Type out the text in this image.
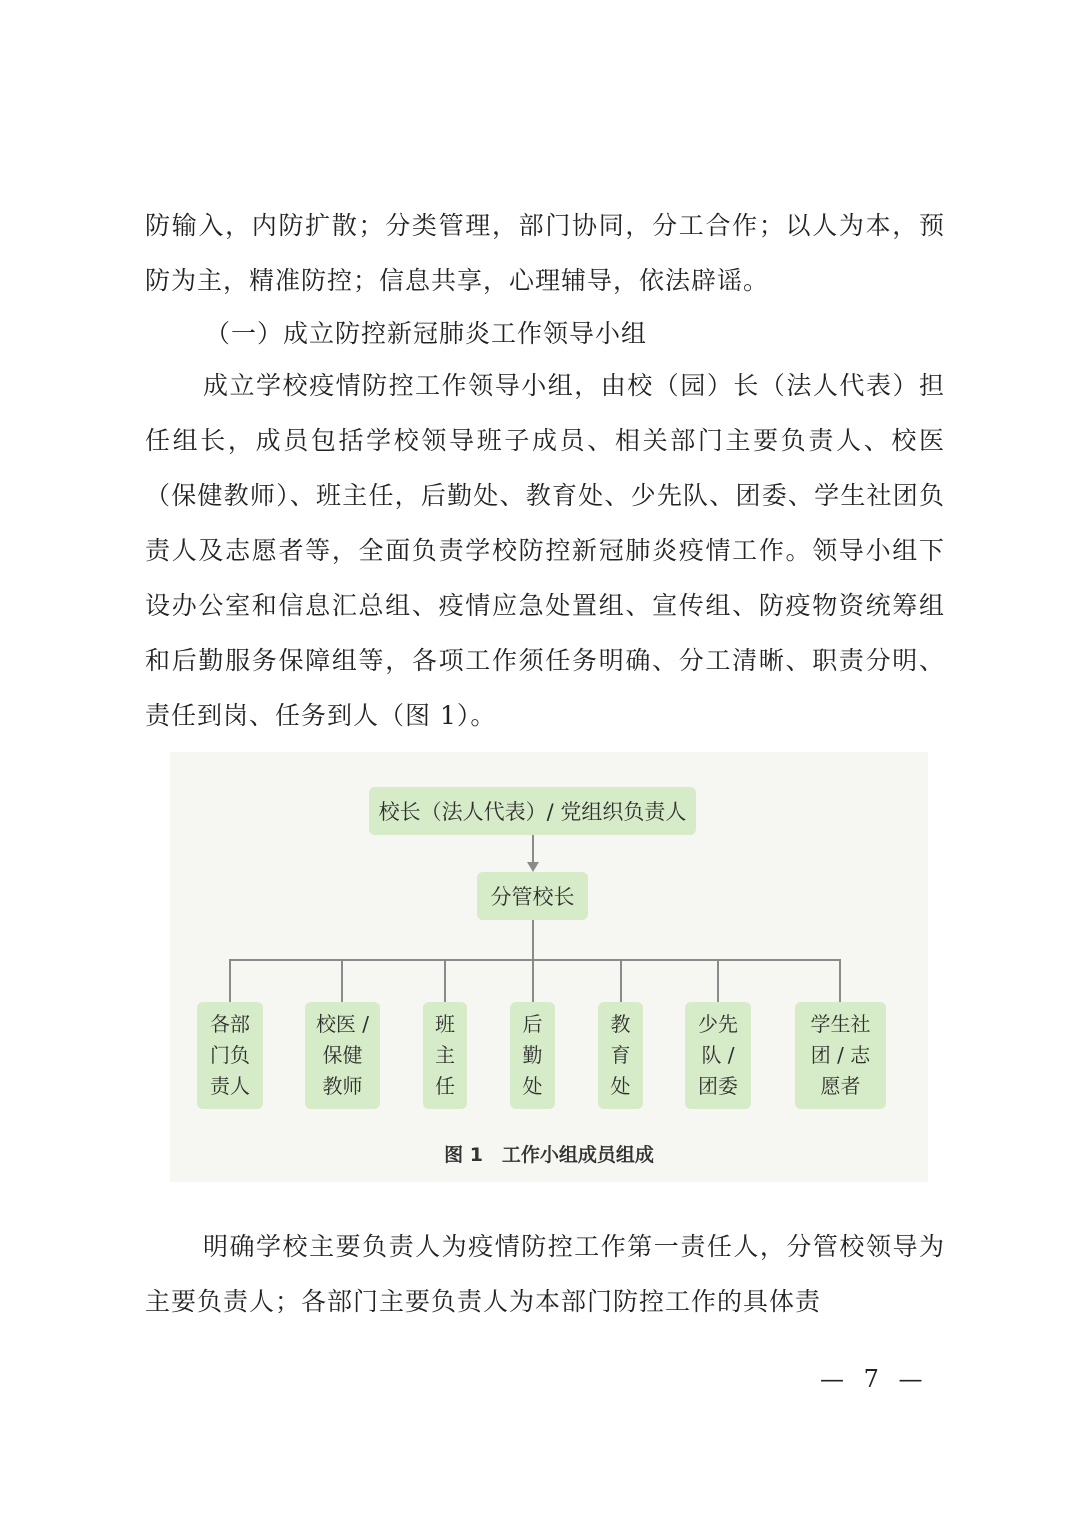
防输入，内防扩散；分类管理，部门协同，分工合作；以人为本，预防为主，精准防控；信息共享，心理辅导，依法辟谣。

（一）成立防控新冠肺炎工作领导小组

成立学校疫情防控工作领导小组，由校（园）长（法人代表）担任组长，成员包括学校领导班子成员、相关部门主要负责人、校医（保健教师）、班主任，后勤处、教育处、少先队、团委、学生社团负责人及志愿者等，全面负责学校防控新冠肺炎疫情工作。领导小组下设办公室和信息汇总组、疫情应急处置组、宣传组、防疫物资统筹组和后勤服务保障组等，各项工作须任务明确、分工清晰、职责分明、责任到岗、任务到人（图 1）。

校长（法人代表）/ 党组织负责人
分管校长
各部
门负
责人
校医 /
保健
教师
班
主
任
后
勤
处
教
育
处
少先
队 /
团委
学生社
团 / 志
愿者
图 1　工作小组成员组成

明确学校主要负责人为疫情防控工作第一责任人，分管校领导为主要负责人；各部门主要负责人为本部门防控工作的具体责

— 7 —
